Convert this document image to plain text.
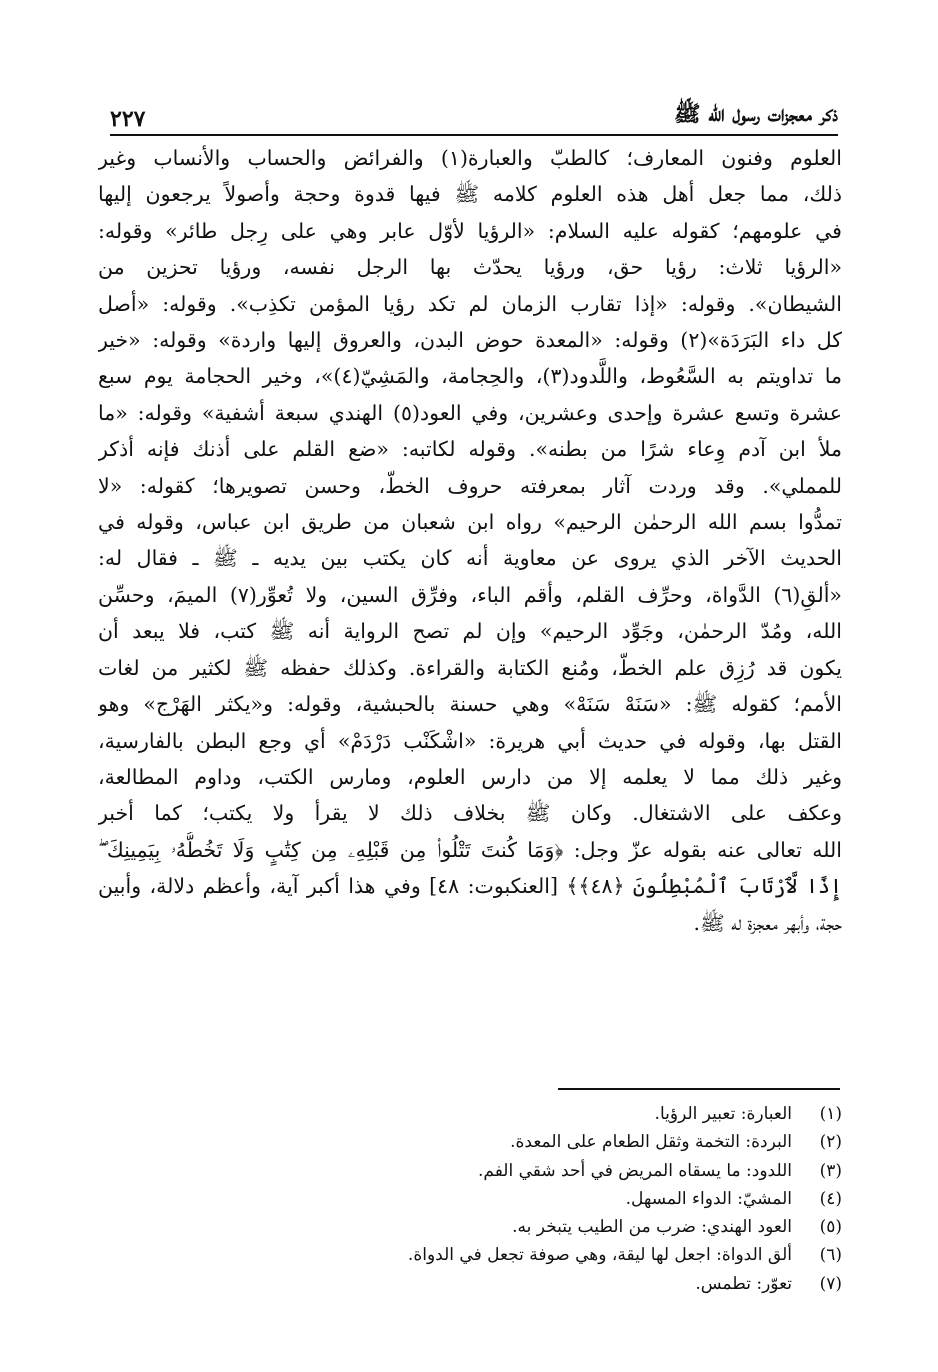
ذكر معجزات رسول الله ﷺ
٢٢٧
العلوم وفنون المعارف؛ كالطبّ والعبارة(١) والفرائض والحساب والأنساب وغير
ذلك، مما جعل أهل هذه العلوم كلامه ﷺ فيها قدوة وحجة وأصولاً يرجعون إليها
في علومهم؛ كقوله عليه السلام: «الرؤيا لأوّل عابر وهي على رِجل طائر» وقوله:
«الرؤيا ثلاث: رؤيا حق، ورؤيا يحدّث بها الرجل نفسه، ورؤيا تحزين من
الشيطان». وقوله: «إذا تقارب الزمان لم تكد رؤيا المؤمن تكذِب». وقوله: «أصل
كل داء البَرَدَة»(٢) وقوله: «المعدة حوض البدن، والعروق إليها واردة» وقوله: «خير
ما تداويتم به السَّعُوط، واللَّدود(٣)، والحِجامة، والمَشِيّ(٤)»، وخير الحجامة يوم سبع
عشرة وتسع عشرة وإحدى وعشرين، وفي العود(٥) الهندي سبعة أشفية» وقوله: «ما
ملأ ابن آدم وِعاء شرًا من بطنه». وقوله لكاتبه: «ضع القلم على أذنك فإنه أذكر
للمملي». وقد وردت آثار بمعرفته حروف الخطّ، وحسن تصويرها؛ كقوله: «لا
تمدُّوا بسم الله الرحمٰن الرحيم» رواه ابن شعبان من طريق ابن عباس، وقوله في
الحديث الآخر الذي يروى عن معاوية أنه كان يكتب بين يديه ـ ﷺ ـ فقال له:
«ألقِ(٦) الدَّواة، وحرِّف القلم، وأقم الباء، وفرِّق السين، ولا تُعوِّر(٧) الميمَ، وحسِّن
الله، ومُدّ الرحمٰن، وجَوِّد الرحيم» وإن لم تصح الرواية أنه ﷺ كتب، فلا يبعد أن
يكون قد رُزِق علم الخطّ، ومُنع الكتابة والقراءة. وكذلك حفظه ﷺ لكثير من لغات
الأمم؛ كقوله ﷺ: «سَنَهْ سَنَهْ» وهي حسنة بالحبشية، وقوله: و«يكثر الهَرْج» وهو
القتل بها، وقوله في حديث أبي هريرة: «اشْكَنْب دَرْدَمْ» أي وجع البطن بالفارسية،
وغير ذلك مما لا يعلمه إلا من دارس العلوم، ومارس الكتب، وداوم المطالعة،
وعكف على الاشتغال. وكان ﷺ بخلاف ذلك لا يقرأ ولا يكتب؛ كما أخبر
الله تعالى عنه بقوله عزّ وجل: ﴿وَمَا كُنتَ تَتْلُوا۟ مِن قَبْلِهِۦ مِن كِتَٰبٍ وَلَا تَخُطُّهُۥ بِيَمِينِكَ ۖ
إِذًا لَّٱرْتَابَ ٱلْمُبْطِلُونَ ﴿٤٨﴾﴾ [العنكبوت: ٤٨] وفي هذا أكبر آية، وأعظم دلالة، وأبين
حجة، وأبهر معجزة له ﷺ.
(١)
العبارة: تعبير الرؤيا.
(٢)
البردة: التخمة وثقل الطعام على المعدة.
(٣)
اللدود: ما يسقاه المريض في أحد شقي الفم.
(٤)
المشيّ: الدواء المسهل.
(٥)
العود الهندي: ضرب من الطيب يتبخر به.
(٦)
ألق الدواة: اجعل لها ليقة، وهي صوفة تجعل في الدواة.
(٧)
تعوّر: تطمس.
